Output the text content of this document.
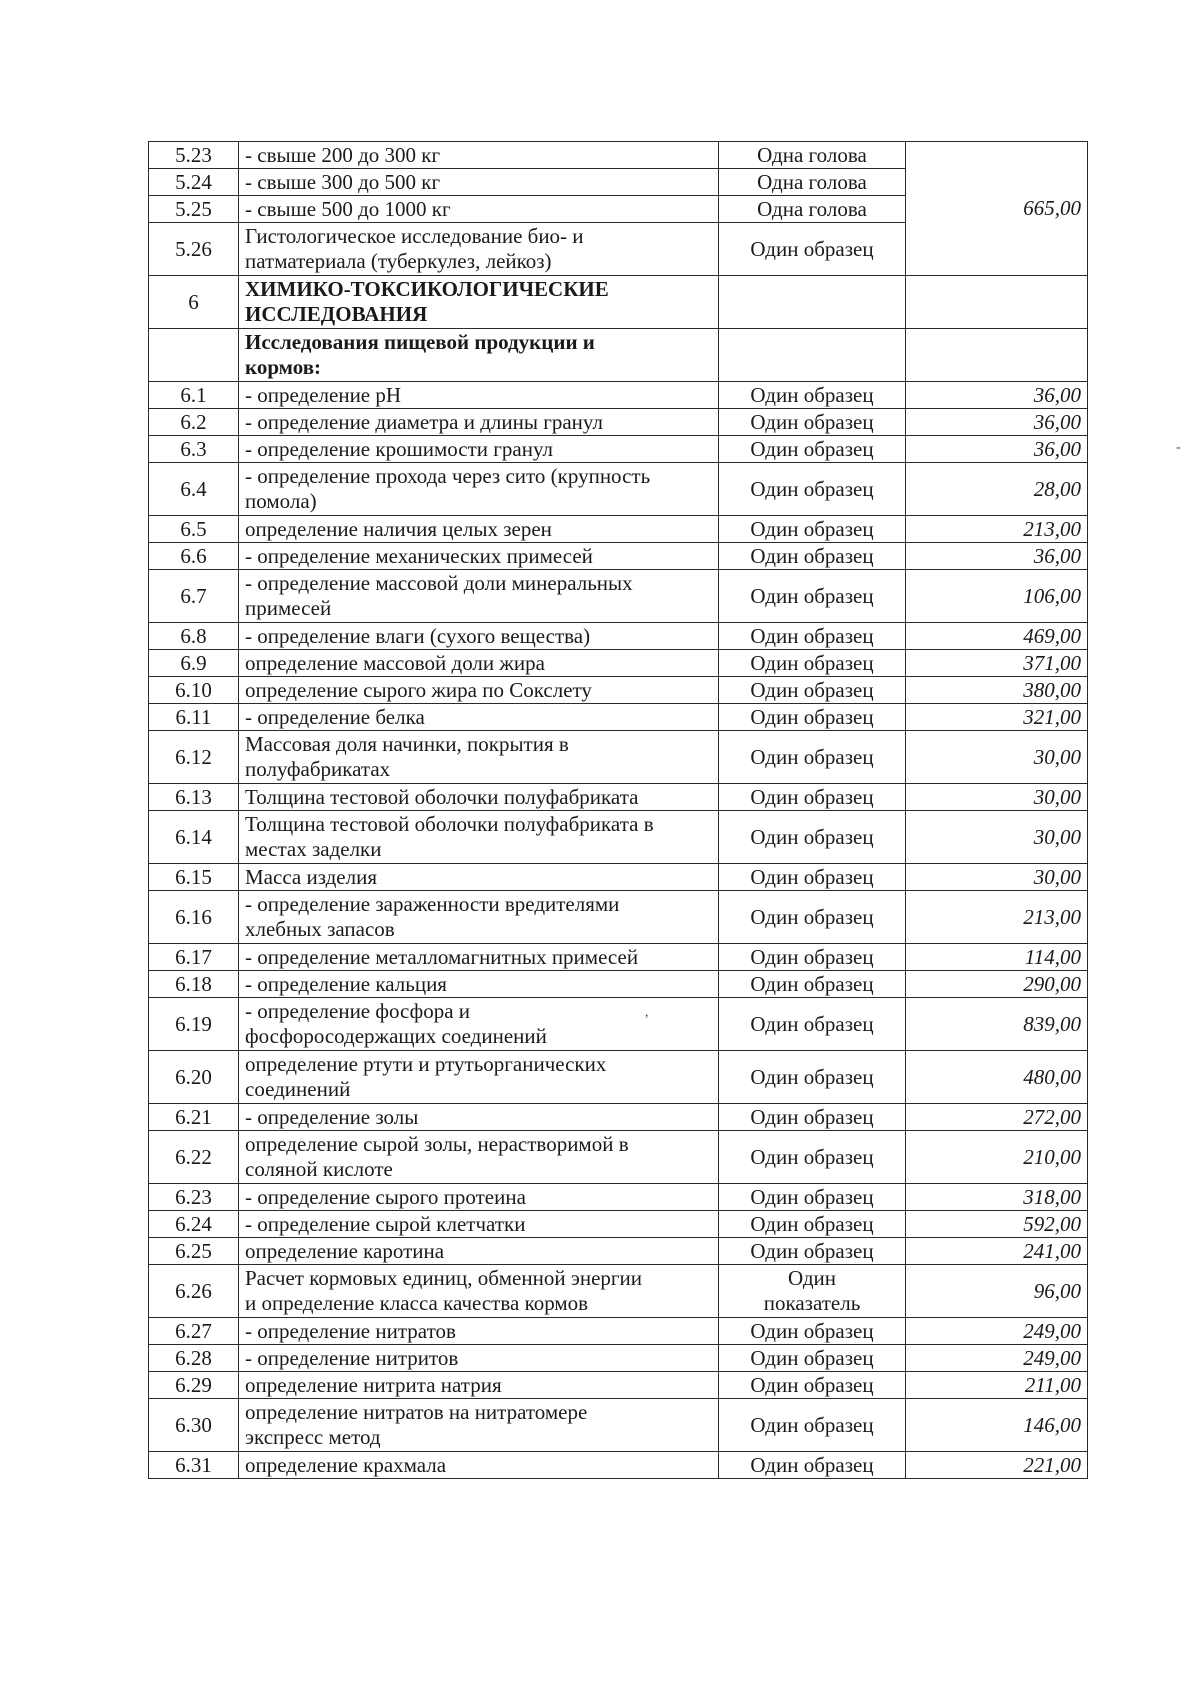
5.23	- свыше 200 до 300 кг	Одна голова	665,00
5.24	- свыше 300 до 500 кг	Одна голова	
5.25	- свыше 500 до 1000 кг	Одна голова	
5.26	Гистологическое исследование био- и
патматериала (туберкулез, лейкоз)	Один образец	
6	ХИМИКО-ТОКСИКОЛОГИЧЕСКИЕ
ИССЛЕДОВАНИЯ		
	Исследования пищевой продукции и
кормов:		
6.1	- определение pH	Один образец	36,00
6.2	- определение диаметра и длины гранул	Один образец	36,00
6.3	- определение крошимости гранул	Один образец	36,00
6.4	- определение прохода через сито (крупность
помола)	Один образец	28,00
6.5	определение наличия целых зерен	Один образец	213,00
6.6	- определение механических примесей	Один образец	36,00
6.7	- определение массовой доли минеральных
примесей	Один образец	106,00
6.8	- определение влаги (сухого вещества)	Один образец	469,00
6.9	определение массовой доли жира	Один образец	371,00
6.10	определение сырого жира по Сокслету	Один образец	380,00
6.11	- определение белка	Один образец	321,00
6.12	Массовая доля начинки, покрытия в
полуфабрикатах	Один образец	30,00
6.13	Толщина тестовой оболочки полуфабриката	Один образец	30,00
6.14	Толщина тестовой оболочки полуфабриката в
местах заделки	Один образец	30,00
6.15	Масса изделия	Один образец	30,00
6.16	- определение зараженности вредителями
хлебных запасов	Один образец	213,00
6.17	- определение металломагнитных примесей	Один образец	114,00
6.18	- определение кальция	Один образец	290,00
6.19	- определение фосфора и
фосфоросодержащих соединений	Один образец	839,00
6.20	определение ртути и ртутьорганических
соединений	Один образец	480,00
6.21	- определение золы	Один образец	272,00
6.22	определение сырой золы, нерастворимой в
соляной кислоте	Один образец	210,00
6.23	- определение сырого протеина	Один образец	318,00
6.24	- определение сырой клетчатки	Один образец	592,00
6.25	определение каротина	Один образец	241,00
6.26	Расчет кормовых единиц, обменной энергии
и определение класса качества кормов	Один
показатель	96,00
6.27	- определение нитратов	Один образец	249,00
6.28	- определение нитритов	Один образец	249,00
6.29	определение нитрита натрия	Один образец	211,00
6.30	определение нитратов на нитратомере
экспресс метод	Один образец	146,00
6.31	определение крахмала	Один образец	221,00
,
-
